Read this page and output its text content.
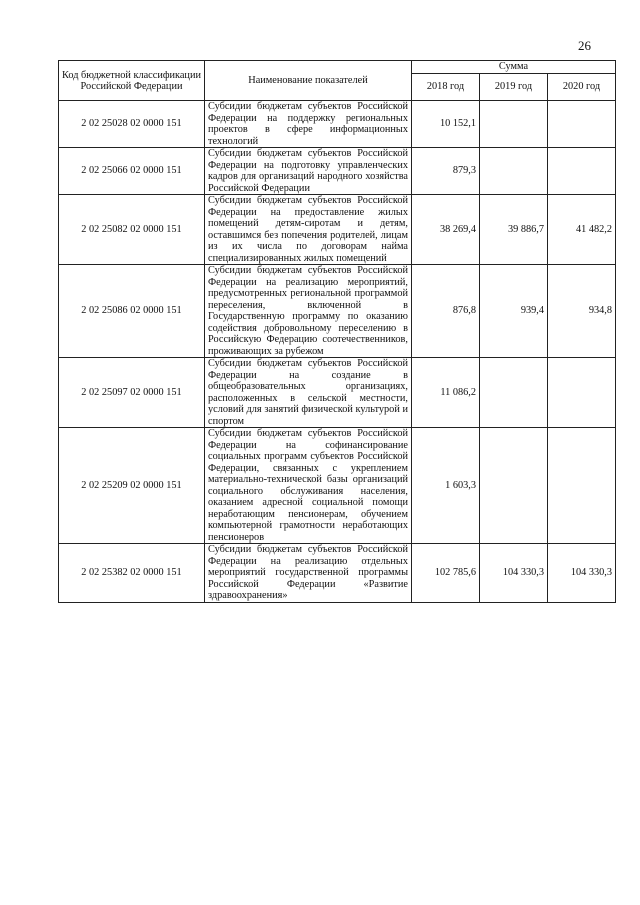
26
Код бюджетной классификации Российской Федерации	Наименование показателей	Сумма		
		2018 год	2019 год	2020 год
2 02 25028 02 0000 151	Субсидии бюджетам субъектов Российской Федерации на поддержку региональных проектов в сфере информационных технологий	10 152,1		
2 02 25066 02 0000 151	Субсидии бюджетам субъектов Российской Федерации на подготовку управленческих кадров для организаций народного хозяйства Российской Федерации	879,3		
2 02 25082 02 0000 151	Субсидии бюджетам субъектов Российской Федерации на предоставление жилых помещений детям-сиротам и детям, оставшимся без попечения родителей, лицам из их числа по договорам найма специализированных жилых помещений	38 269,4	39 886,7	41 482,2
2 02 25086 02 0000 151	Субсидии бюджетам субъектов Российской Федерации на реализацию мероприятий, предусмотренных региональной программой переселения, включенной в Государственную программу по оказанию содействия добровольному переселению в Российскую Федерацию соотечественников, проживающих за рубежом	876,8	939,4	934,8
2 02 25097 02 0000 151	Субсидии бюджетам субъектов Российской Федерации на создание в общеобразовательных организациях, расположенных в сельской местности, условий для занятий физической культурой и спортом	11 086,2		
2 02 25209 02 0000 151	Субсидии бюджетам субъектов Российской Федерации на софинансирование социальных программ субъектов Российской Федерации, связанных с укреплением материально-технической базы организаций социального обслуживания населения, оказанием адресной социальной помощи неработающим пенсионерам, обучением компьютерной грамотности неработающих пенсионеров	1 603,3		
2 02 25382 02 0000 151	Субсидии бюджетам субъектов Российской Федерации на реализацию отдельных мероприятий государственной программы Российской Федерации «Развитие здравоохранения»	102 785,6	104 330,3	104 330,3
